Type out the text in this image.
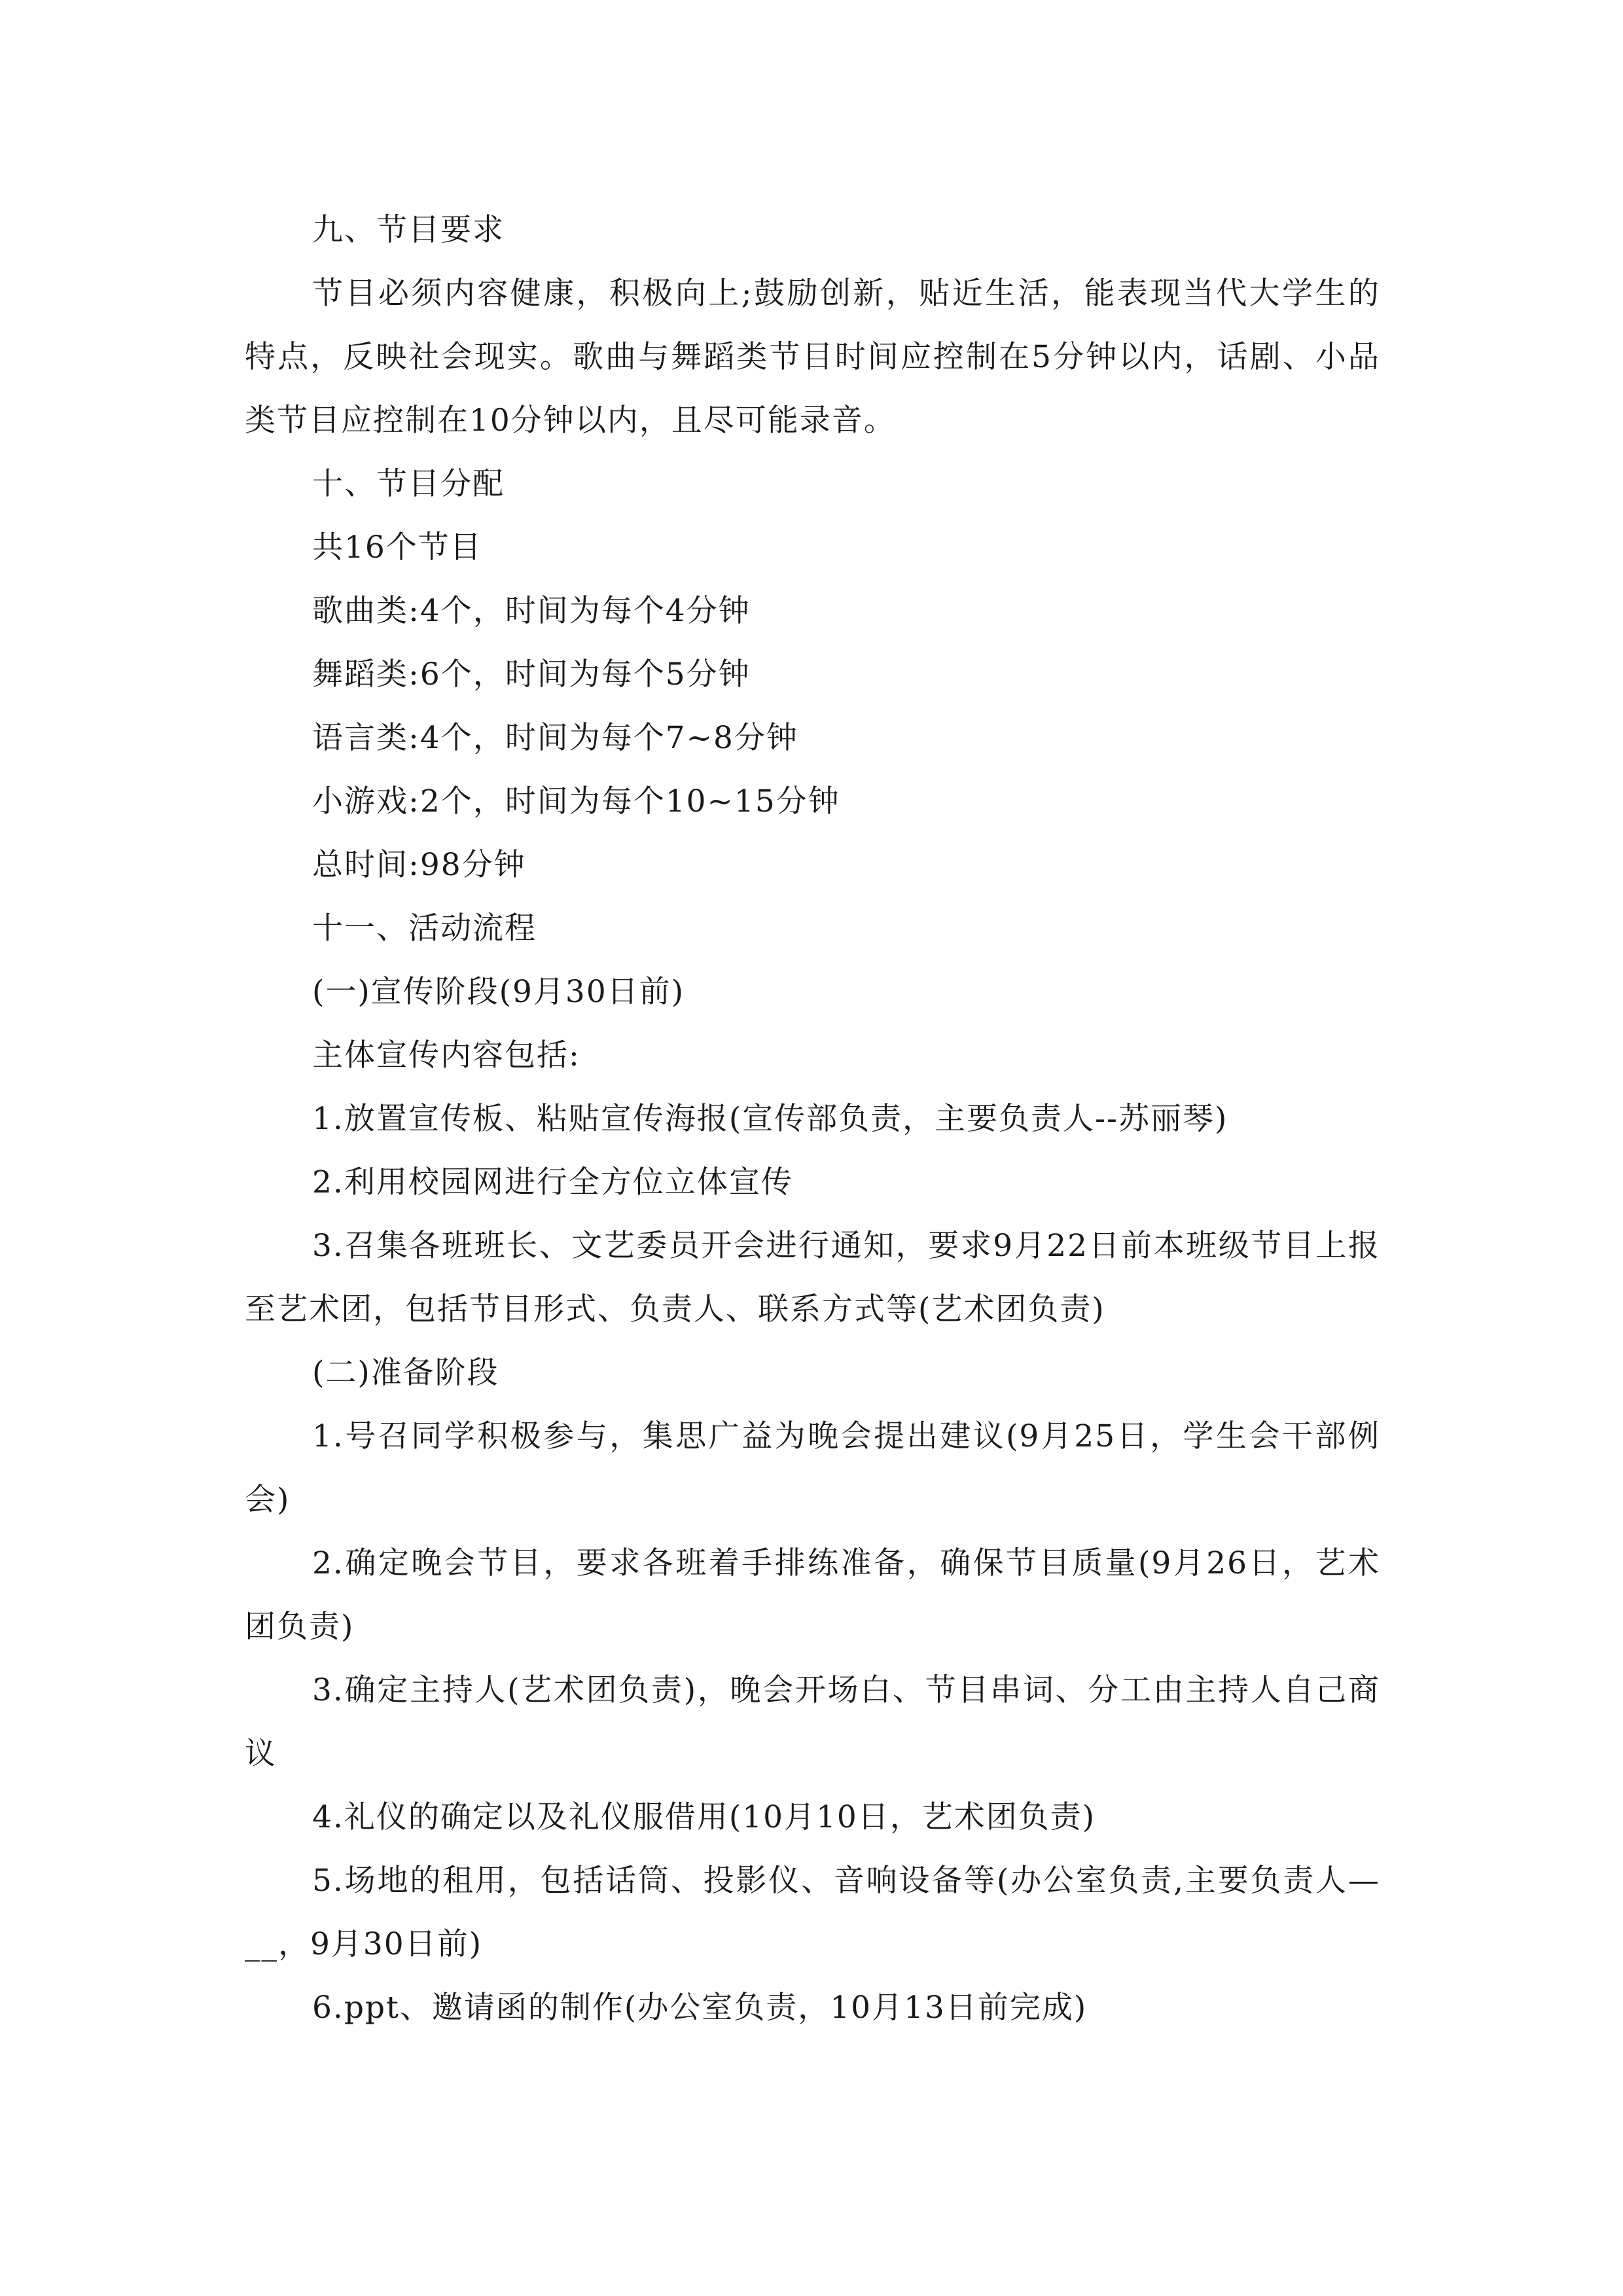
九、节目要求

节目必须内容健康，积极向上;鼓励创新，贴近生活，能表现当代大学生的特点，反映社会现实。歌曲与舞蹈类节目时间应控制在5分钟以内，话剧、小品类节目应控制在10分钟以内，且尽可能录音。

十、节目分配

共16个节目

歌曲类:4个，时间为每个4分钟

舞蹈类:6个，时间为每个5分钟

语言类:4个，时间为每个7~8分钟

小游戏:2个，时间为每个10~15分钟

总时间:98分钟

十一、活动流程

(一)宣传阶段(9月30日前)

主体宣传内容包括:

1.放置宣传板、粘贴宣传海报(宣传部负责，主要负责人--苏丽琴)

2.利用校园网进行全方位立体宣传

3.召集各班班长、文艺委员开会进行通知，要求9月22日前本班级节目上报至艺术团，包括节目形式、负责人、联系方式等(艺术团负责)

(二)准备阶段

1.号召同学积极参与，集思广益为晚会提出建议(9月25日，学生会干部例会)

2.确定晚会节目，要求各班着手排练准备，确保节目质量(9月26日，艺术团负责)

3.确定主持人(艺术团负责)，晚会开场白、节目串词、分工由主持人自己商议

4.礼仪的确定以及礼仪服借用(10月10日，艺术团负责)

5.场地的租用，包括话筒、投影仪、音响设备等(办公室负责,主要负责人—__，9月30日前)

6.ppt、邀请函的制作(办公室负责，10月13日前完成)
